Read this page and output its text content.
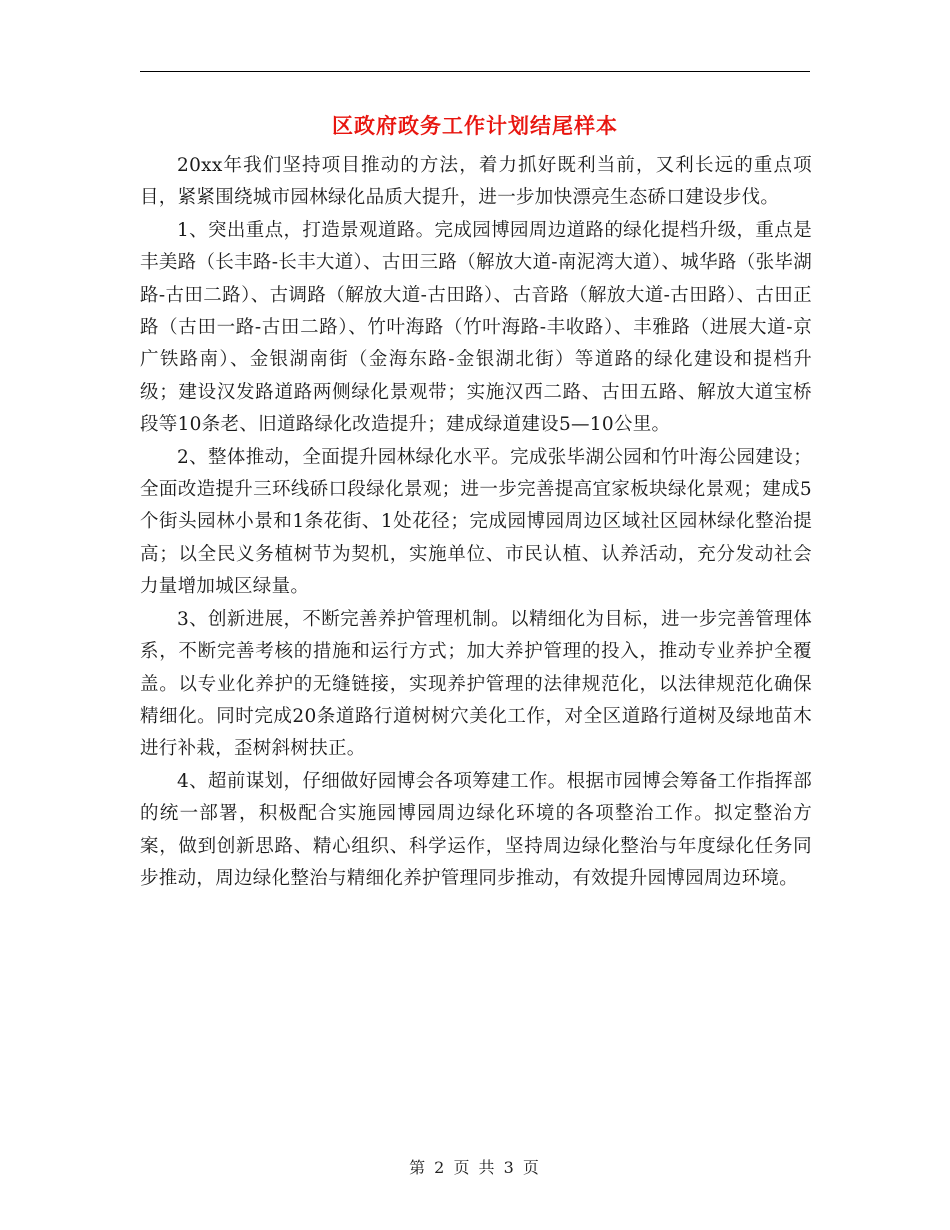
区政府政务工作计划结尾样本

20xx年我们坚持项目推动的方法，着力抓好既利当前，又利长远的重点项目，紧紧围绕城市园林绿化品质大提升，进一步加快漂亮生态硚口建设步伐。

1、突出重点，打造景观道路。完成园博园周边道路的绿化提档升级，重点是丰美路（长丰路-长丰大道）、古田三路（解放大道-南泥湾大道）、城华路（张毕湖路-古田二路）、古调路（解放大道-古田路）、古音路（解放大道-古田路）、古田正路（古田一路-古田二路）、竹叶海路（竹叶海路-丰收路）、丰雅路（进展大道-京广铁路南）、金银湖南街（金海东路-金银湖北街）等道路的绿化建设和提档升级；建设汉发路道路两侧绿化景观带；实施汉西二路、古田五路、解放大道宝桥段等10条老、旧道路绿化改造提升；建成绿道建设5—10公里。

2、整体推动，全面提升园林绿化水平。完成张毕湖公园和竹叶海公园建设；全面改造提升三环线硚口段绿化景观；进一步完善提高宜家板块绿化景观；建成5个街头园林小景和1条花街、1处花径；完成园博园周边区域社区园林绿化整治提高；以全民义务植树节为契机，实施单位、市民认植、认养活动，充分发动社会力量增加城区绿量。

3、创新进展，不断完善养护管理机制。以精细化为目标，进一步完善管理体系，不断完善考核的措施和运行方式；加大养护管理的投入，推动专业养护全覆盖。以专业化养护的无缝链接，实现养护管理的法律规范化，以法律规范化确保精细化。同时完成20条道路行道树树穴美化工作，对全区道路行道树及绿地苗木进行补栽，歪树斜树扶正。

4、超前谋划，仔细做好园博会各项筹建工作。根据市园博会筹备工作指挥部的统一部署，积极配合实施园博园周边绿化环境的各项整治工作。拟定整治方案，做到创新思路、精心组织、科学运作，坚持周边绿化整治与年度绿化任务同步推动，周边绿化整治与精细化养护管理同步推动，有效提升园博园周边环境。

第 2 页 共 3 页
